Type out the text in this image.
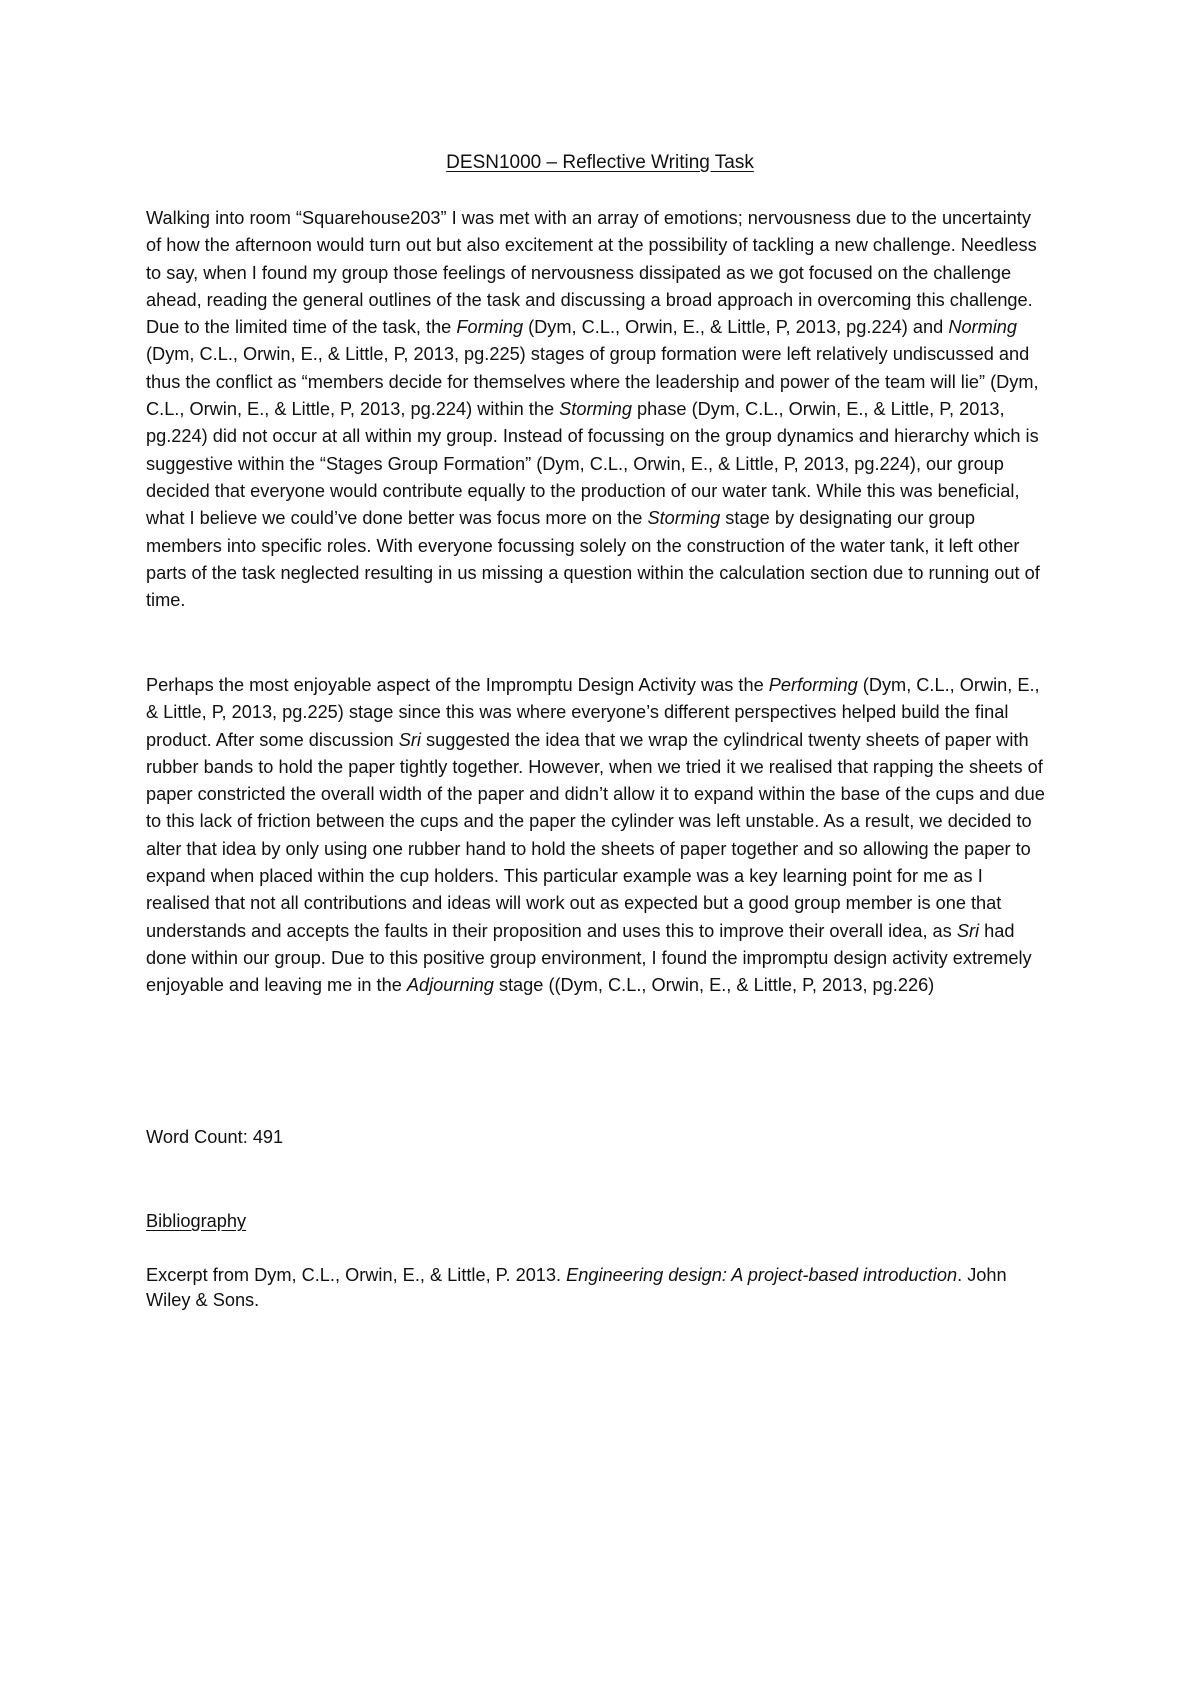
DESN1000 – Reflective Writing Task
Walking into room “Squarehouse203” I was met with an array of emotions; nervousness due to the uncertainty of how the afternoon would turn out but also excitement at the possibility of tackling a new challenge. Needless to say, when I found my group those feelings of nervousness dissipated as we got focused on the challenge ahead, reading the general outlines of the task and discussing a broad approach in overcoming this challenge. Due to the limited time of the task, the Forming (Dym, C.L., Orwin, E., & Little, P, 2013, pg.224) and Norming (Dym, C.L., Orwin, E., & Little, P, 2013, pg.225) stages of group formation were left relatively undiscussed and thus the conflict as “members decide for themselves where the leadership and power of the team will lie” (Dym, C.L., Orwin, E., & Little, P, 2013, pg.224) within the Storming phase (Dym, C.L., Orwin, E., & Little, P, 2013, pg.224) did not occur at all within my group. Instead of focussing on the group dynamics and hierarchy which is suggestive within the “Stages Group Formation” (Dym, C.L., Orwin, E., & Little, P, 2013, pg.224), our group decided that everyone would contribute equally to the production of our water tank. While this was beneficial, what I believe we could’ve done better was focus more on the Storming stage by designating our group members into specific roles. With everyone focussing solely on the construction of the water tank, it left other parts of the task neglected resulting in us missing a question within the calculation section due to running out of time.
Perhaps the most enjoyable aspect of the Impromptu Design Activity was the Performing (Dym, C.L., Orwin, E., & Little, P, 2013, pg.225) stage since this was where everyone’s different perspectives helped build the final product. After some discussion Sri suggested the idea that we wrap the cylindrical twenty sheets of paper with rubber bands to hold the paper tightly together. However, when we tried it we realised that rapping the sheets of paper constricted the overall width of the paper and didn’t allow it to expand within the base of the cups and due to this lack of friction between the cups and the paper the cylinder was left unstable. As a result, we decided to alter that idea by only using one rubber hand to hold the sheets of paper together and so allowing the paper to expand when placed within the cup holders. This particular example was a key learning point for me as I realised that not all contributions and ideas will work out as expected but a good group member is one that understands and accepts the faults in their proposition and uses this to improve their overall idea, as Sri had done within our group. Due to this positive group environment, I found the impromptu design activity extremely enjoyable and leaving me in the Adjourning stage ((Dym, C.L., Orwin, E., & Little, P, 2013, pg.226)
Word Count: 491
Bibliography
Excerpt from Dym, C.L., Orwin, E., & Little, P. 2013. Engineering design: A project-based introduction. John Wiley & Sons.
